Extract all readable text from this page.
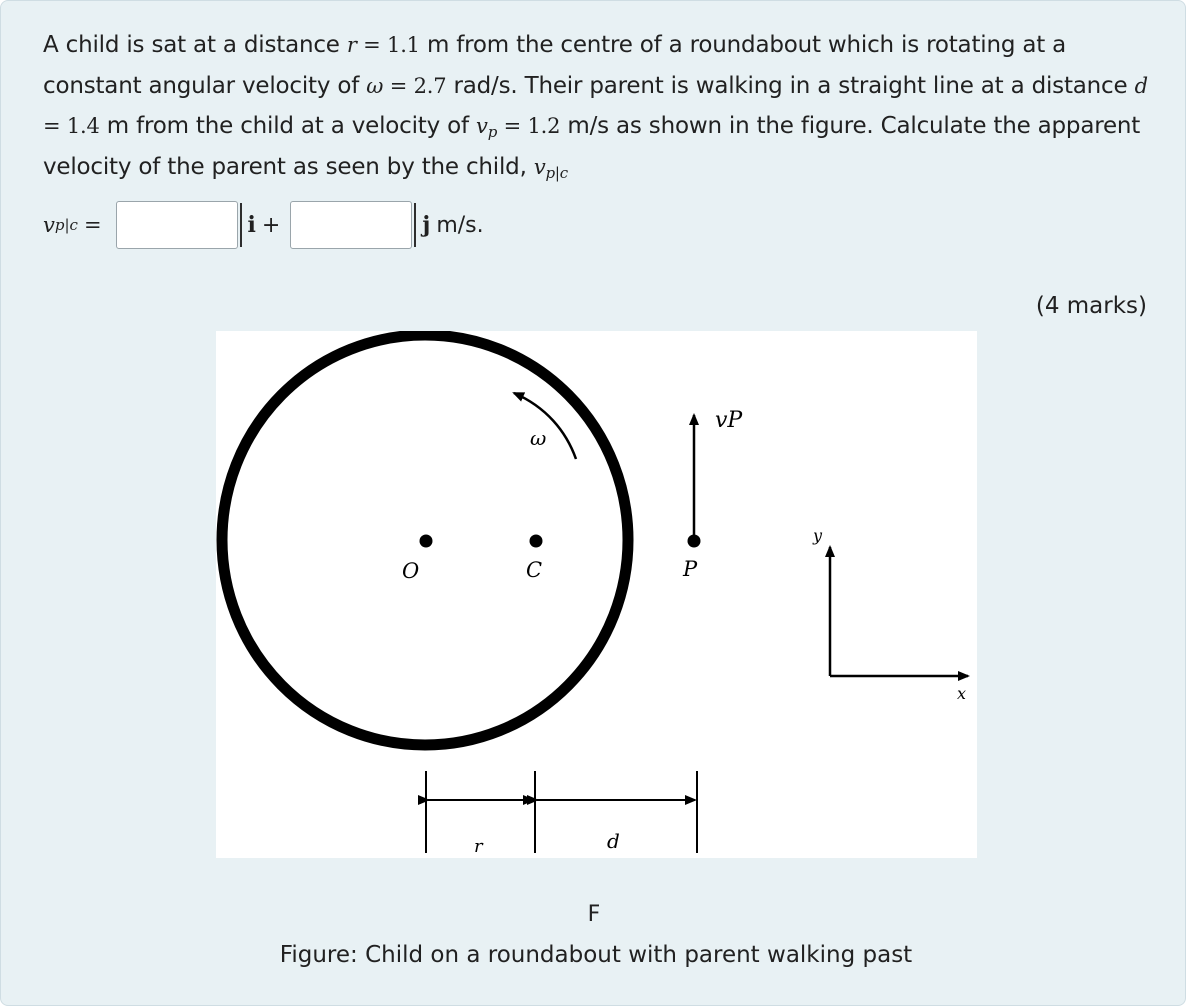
A child is sat at a distance r = 1.1 m from the centre of a roundabout which is rotating at a constant angular velocity of ω = 2.7 rad/s. Their parent is walking in a straight line at a distance d = 1.4 m from the child at a velocity of $v_p = 1.2$ m/s as shown in the figure. Calculate the apparent velocity of the parent as seen by the child, $v_{p|c}$
v p|c =	i +	j m/s.
(4 marks)
ω
O	C	P
vP
y
x
r	d
F
Figure: Child on a roundabout with parent walking past
